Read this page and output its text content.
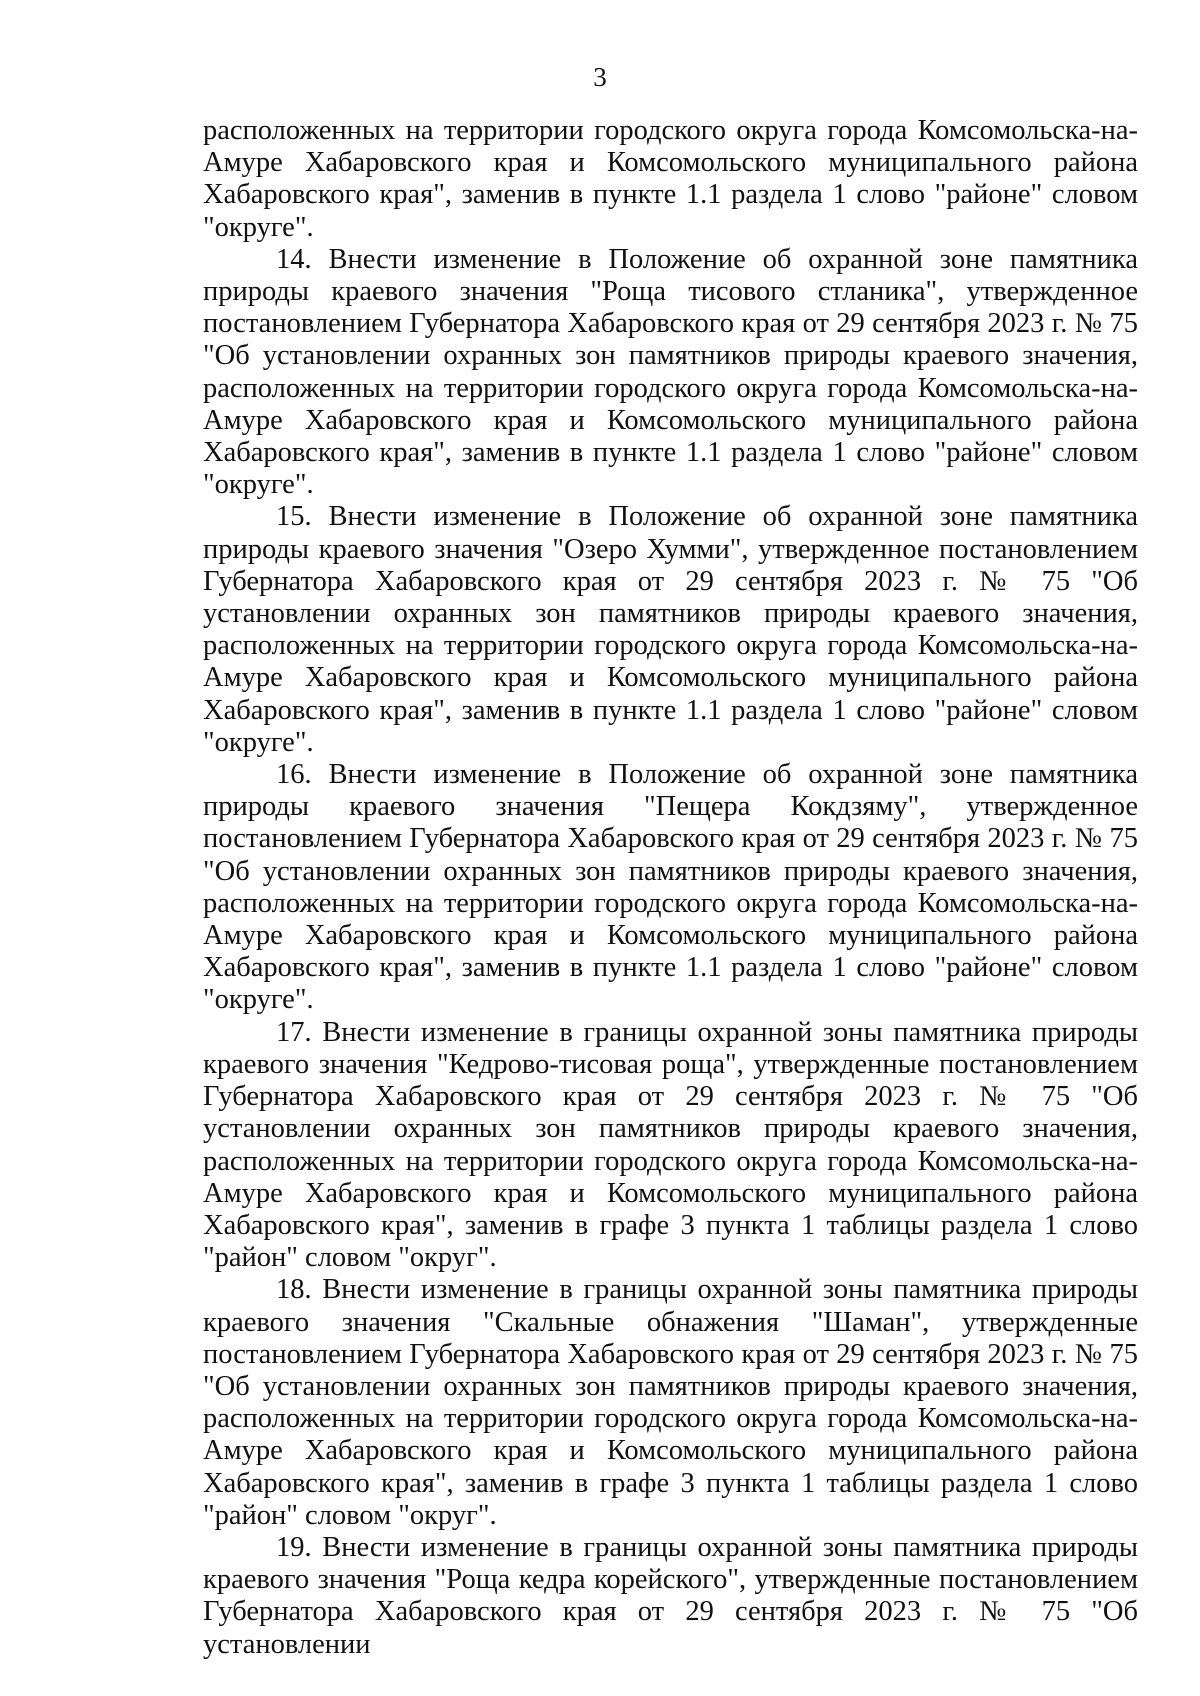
3

расположенных на территории городского округа города Комсомольска-на-Амуре Хабаровского края и Комсомольского муниципального района Хабаровского края", заменив в пункте 1.1 раздела 1 слово "районе" словом "округе".

14. Внести изменение в Положение об охранной зоне памятника природы краевого значения "Роща тисового стланика", утвержденное постановлением Губернатора Хабаровского края от 29 сентября 2023 г. № 75 "Об установлении охранных зон памятников природы краевого значения, расположенных на территории городского округа города Комсомольска-на-Амуре Хабаровского края и Комсомольского муниципального района Хабаровского края", заменив в пункте 1.1 раздела 1 слово "районе" словом "округе".

15. Внести изменение в Положение об охранной зоне памятника природы краевого значения "Озеро Хумми", утвержденное постановлением Губернатора Хабаровского края от 29 сентября 2023 г. № 75 "Об установлении охранных зон памятников природы краевого значения, расположенных на территории городского округа города Комсомольска-на-Амуре Хабаровского края и Комсомольского муниципального района Хабаровского края", заменив в пункте 1.1 раздела 1 слово "районе" словом "округе".

16. Внести изменение в Положение об охранной зоне памятника природы краевого значения "Пещера Кокдзяму", утвержденное постановлением Губернатора Хабаровского края от 29 сентября 2023 г. № 75 "Об установлении охранных зон памятников природы краевого значения, расположенных на территории городского округа города Комсомольска-на-Амуре Хабаровского края и Комсомольского муниципального района Хабаровского края", заменив в пункте 1.1 раздела 1 слово "районе" словом "округе".

17. Внести изменение в границы охранной зоны памятника природы краевого значения "Кедрово-тисовая роща", утвержденные постановлением Губернатора Хабаровского края от 29 сентября 2023 г. № 75 "Об установлении охранных зон памятников природы краевого значения, расположенных на территории городского округа города Комсомольска-на-Амуре Хабаровского края и Комсомольского муниципального района Хабаровского края", заменив в графе 3 пункта 1 таблицы раздела 1 слово "район" словом "округ".

18. Внести изменение в границы охранной зоны памятника природы краевого значения "Скальные обнажения "Шаман", утвержденные постановлением Губернатора Хабаровского края от 29 сентября 2023 г. № 75 "Об установлении охранных зон памятников природы краевого значения, расположенных на территории городского округа города Комсомольска-на-Амуре Хабаровского края и Комсомольского муниципального района Хабаровского края", заменив в графе 3 пункта 1 таблицы раздела 1 слово "район" словом "округ".

19. Внести изменение в границы охранной зоны памятника природы краевого значения "Роща кедра корейского", утвержденные постановлением Губернатора Хабаровского края от 29 сентября 2023 г. № 75 "Об установлении
